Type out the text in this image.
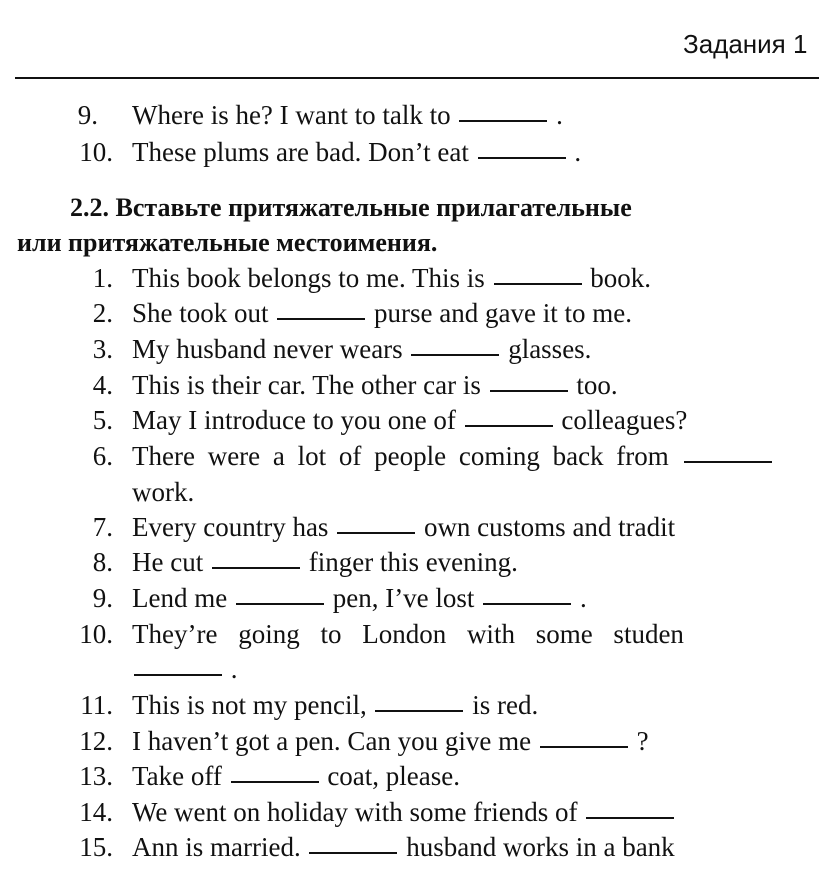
Задания 1
9. Where is he? I want to talk to	.
10. These plums are bad. Don’t eat	.
2.2. Вставьте притяжательные прилагательные
или притяжательные местоимения.
1. This book belongs to me. This is	book.
2. She took out	purse and gave it to me.
3. My husband never wears	glasses.
4. This is their car. The other car is	too.
5. May I introduce to you one of	colleagues?
6. There were a lot of people coming back from
work.
7. Every country has	own customs and tradit
8. He cut	finger this evening.
9. Lend me	pen, I’ve lost	.
10. They’re going to London with some studen
.
11. This is not my pencil,	is red.
12. I haven’t got a pen. Can you give me	?
13. Take off	coat, please.
14. We went on holiday with some friends of
15. Ann is married.	husband works in a bank
